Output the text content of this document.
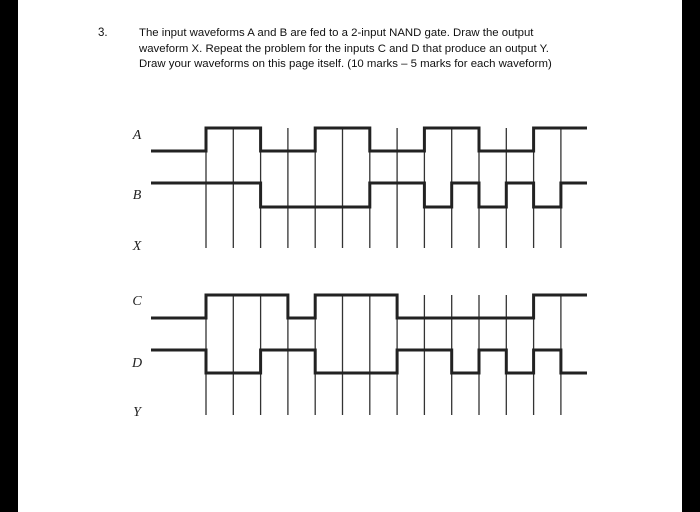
3.	The input waveforms A and B are fed to a 2-input NAND gate. Draw the output
waveform X. Repeat the problem for the inputs C and D that produce an output Y.
Draw your waveforms on this page itself. (10 marks – 5 marks for each waveform)

A
B
X
C
D
Y
